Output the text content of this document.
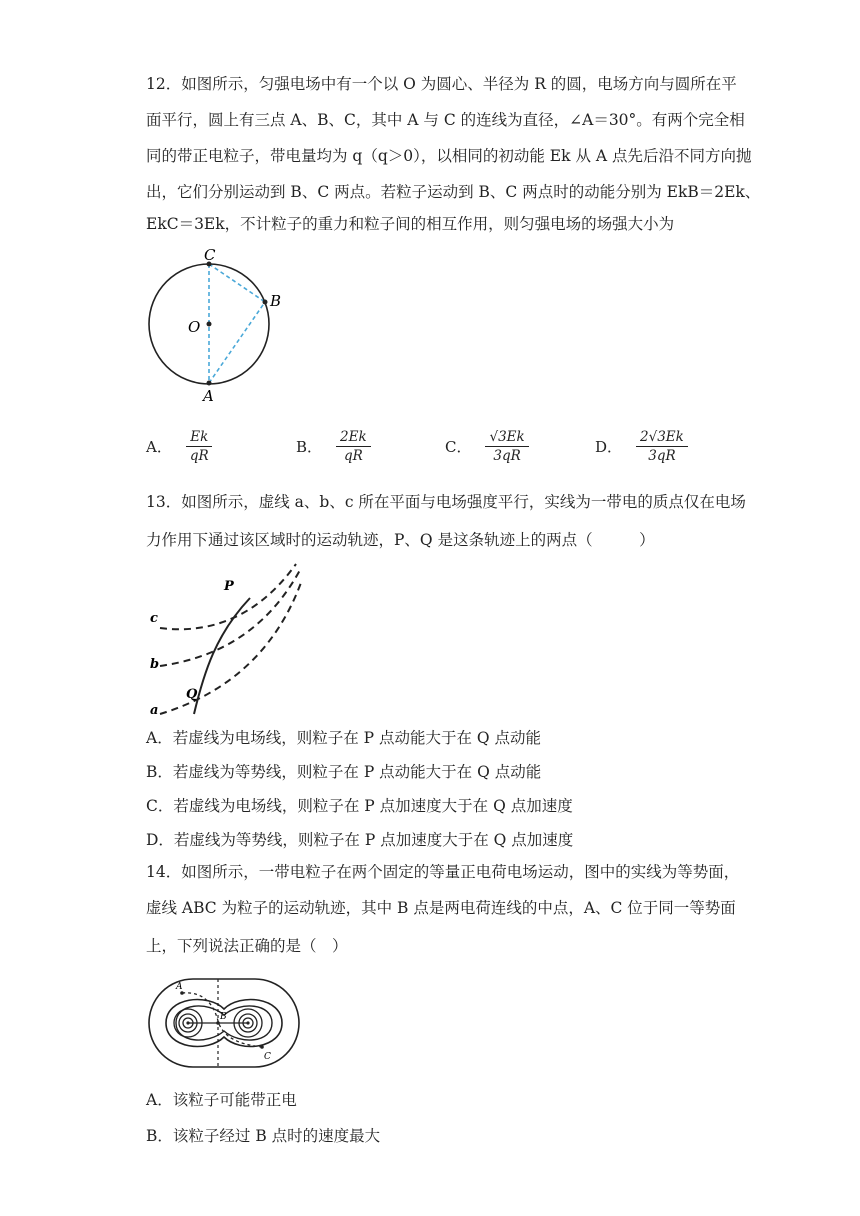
12．如图所示，匀强电场中有一个以 O 为圆心、半径为 R 的圆，电场方向与圆所在平
面平行，圆上有三点 A、B、C，其中 A 与 C 的连线为直径，∠A＝30°。有两个完全相
同的带正电粒子，带电量均为 q（q＞0），以相同的初动能 Ek 从 A 点先后沿不同方向抛
出，它们分别运动到 B、C 两点。若粒子运动到 B、C 两点时的动能分别为 EkB＝2Ek、
EkC＝3Ek，不计粒子的重力和粒子间的相互作用，则匀强电场的场强大小为
C
B
O
A
A． $\frac{Ek}{qR}$	B． $\frac{2Ek}{qR}$	C． $\frac{√3Ek}{3qR}$	D． $\frac{2√3Ek}{3qR}$
13．如图所示，虚线 a、b、c 所在平面与电场强度平行，实线为一带电的质点仅在电场
力作用下通过该区域时的运动轨迹，P、Q 是这条轨迹上的两点（　　　）
P
Q
c
b
a
A．若虚线为电场线，则粒子在 P 点动能大于在 Q 点动能
B．若虚线为等势线，则粒子在 P 点动能大于在 Q 点动能
C．若虚线为电场线，则粒子在 P 点加速度大于在 Q 点加速度
D．若虚线为等势线，则粒子在 P 点加速度大于在 Q 点加速度
14．如图所示，一带电粒子在两个固定的等量正电荷电场运动，图中的实线为等势面，
虚线 ABC 为粒子的运动轨迹，其中 B 点是两电荷连线的中点，A、C 位于同一等势面
上，下列说法正确的是（　）
A
B
C
A．该粒子可能带正电
B．该粒子经过 B 点时的速度最大
